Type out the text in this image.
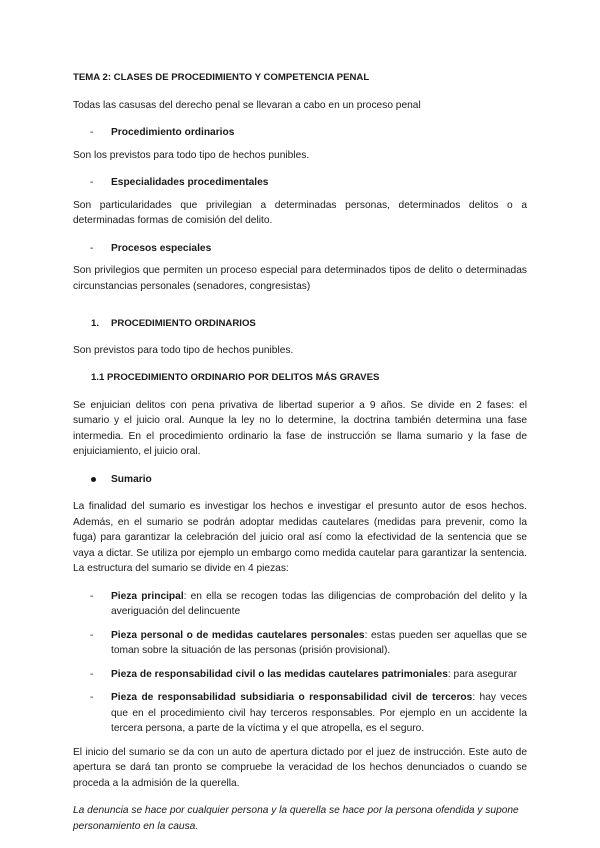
TEMA 2: CLASES DE PROCEDIMIENTO Y COMPETENCIA PENAL

Todas las casusas del derecho penal se llevaran a cabo en un proceso penal

- Procedimiento ordinarios

Son los previstos para todo tipo de hechos punibles.

- Especialidades procedimentales

Son particularidades que privilegian a determinadas personas, determinados delitos o a determinadas formas de comisión del delito.

- Procesos especiales

Son privilegios que permiten un proceso especial para determinados tipos de delito o determinadas circunstancias personales (senadores, congresistas)

1. PROCEDIMIENTO ORDINARIOS

Son previstos para todo tipo de hechos punibles.

1.1 PROCEDIMIENTO ORDINARIO POR DELITOS MÁS GRAVES

Se enjuician delitos con pena privativa de libertad superior a 9 años. Se divide en 2 fases: el sumario y el juicio oral. Aunque la ley no lo determine, la doctrina también determina una fase intermedia. En el procedimiento ordinario la fase de instrucción se llama sumario y la fase de enjuiciamiento, el juicio oral.

Sumario

La finalidad del sumario es investigar los hechos e investigar el presunto autor de esos hechos. Además, en el sumario se podrán adoptar medidas cautelares (medidas para prevenir, como la fuga) para garantizar la celebración del juicio oral así como la efectividad de la sentencia que se vaya a dictar. Se utiliza por ejemplo un embargo como medida cautelar para garantizar la sentencia. La estructura del sumario se divide en 4 piezas:

- Pieza principal: en ella se recogen todas las diligencias de comprobación del delito y la averiguación del delincuente
- Pieza personal o de medidas cautelares personales: estas pueden ser aquellas que se toman sobre la situación de las personas (prisión provisional).
- Pieza de responsabilidad civil o las medidas cautelares patrimoniales: para asegurar
- Pieza de responsabilidad subsidiaria o responsabilidad civil de terceros: hay veces que en el procedimiento civil hay terceros responsables. Por ejemplo en un accidente la tercera persona, a parte de la víctima y el que atropella, es el seguro.

El inicio del sumario se da con un auto de apertura dictado por el juez de instrucción. Este auto de apertura se dará tan pronto se compruebe la veracidad de los hechos denunciados o cuando se proceda a la admisión de la querella.

La denuncia se hace por cualquier persona y la querella se hace por la persona ofendida y supone personamiento en la causa.
